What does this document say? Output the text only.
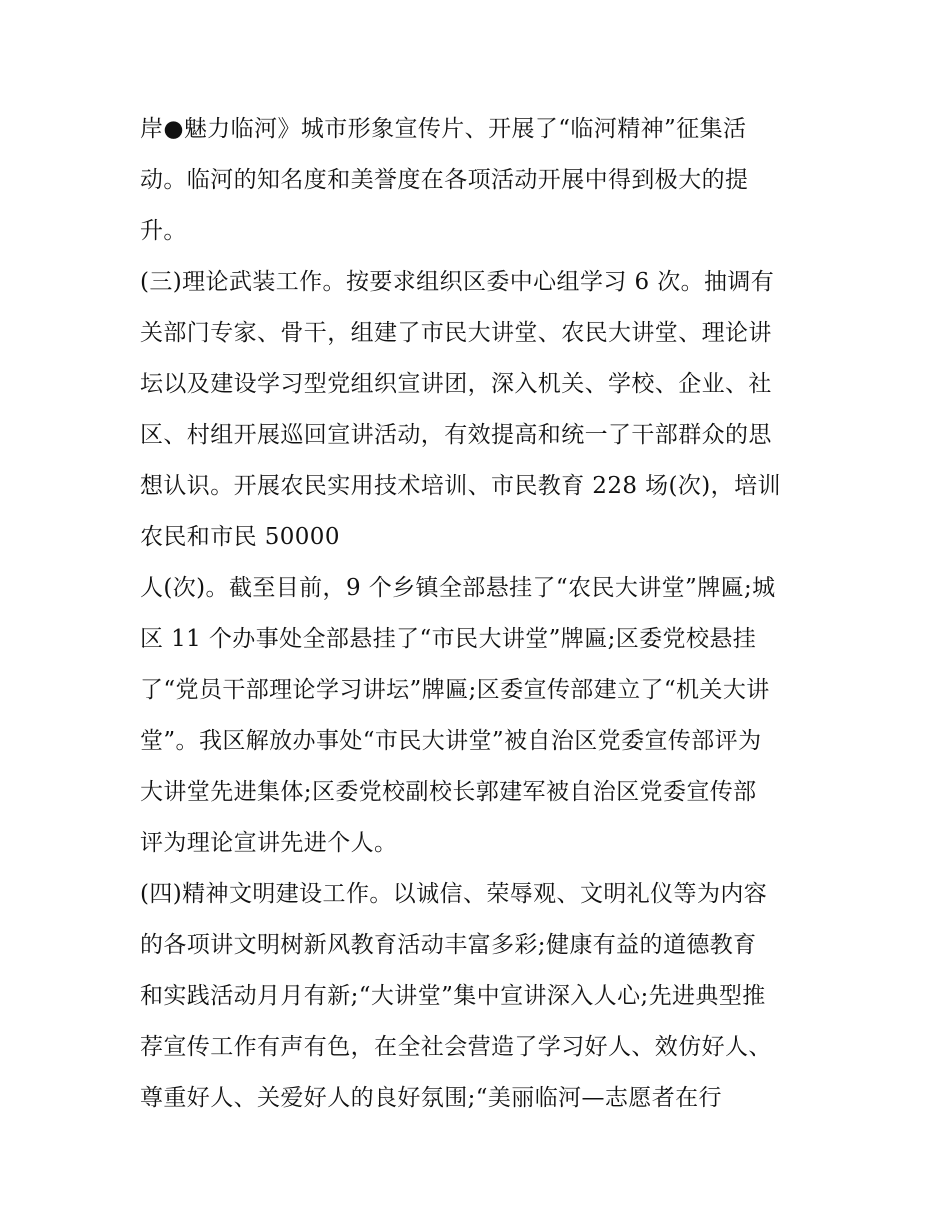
岸●魅力临河》城市形象宣传片、开展了“临河精神”征集活
动。临河的知名度和美誉度在各项活动开展中得到极大的提
升。
(三)理论武装工作。按要求组织区委中心组学习 6 次。抽调有
关部门专家、骨干，组建了市民大讲堂、农民大讲堂、理论讲
坛以及建设学习型党组织宣讲团，深入机关、学校、企业、社
区、村组开展巡回宣讲活动，有效提高和统一了干部群众的思
想认识。开展农民实用技术培训、市民教育 228 场(次)，培训
农民和市民 50000
人(次)。截至目前，9 个乡镇全部悬挂了“农民大讲堂”牌匾;城
区 11 个办事处全部悬挂了“市民大讲堂”牌匾;区委党校悬挂
了“党员干部理论学习讲坛”牌匾;区委宣传部建立了“机关大讲
堂”。我区解放办事处“市民大讲堂”被自治区党委宣传部评为
大讲堂先进集体;区委党校副校长郭建军被自治区党委宣传部
评为理论宣讲先进个人。
(四)精神文明建设工作。以诚信、荣辱观、文明礼仪等为内容
的各项讲文明树新风教育活动丰富多彩;健康有益的道德教育
和实践活动月月有新;“大讲堂”集中宣讲深入人心;先进典型推
荐宣传工作有声有色，在全社会营造了学习好人、效仿好人、
尊重好人、关爱好人的良好氛围;“美丽临河—志愿者在行
